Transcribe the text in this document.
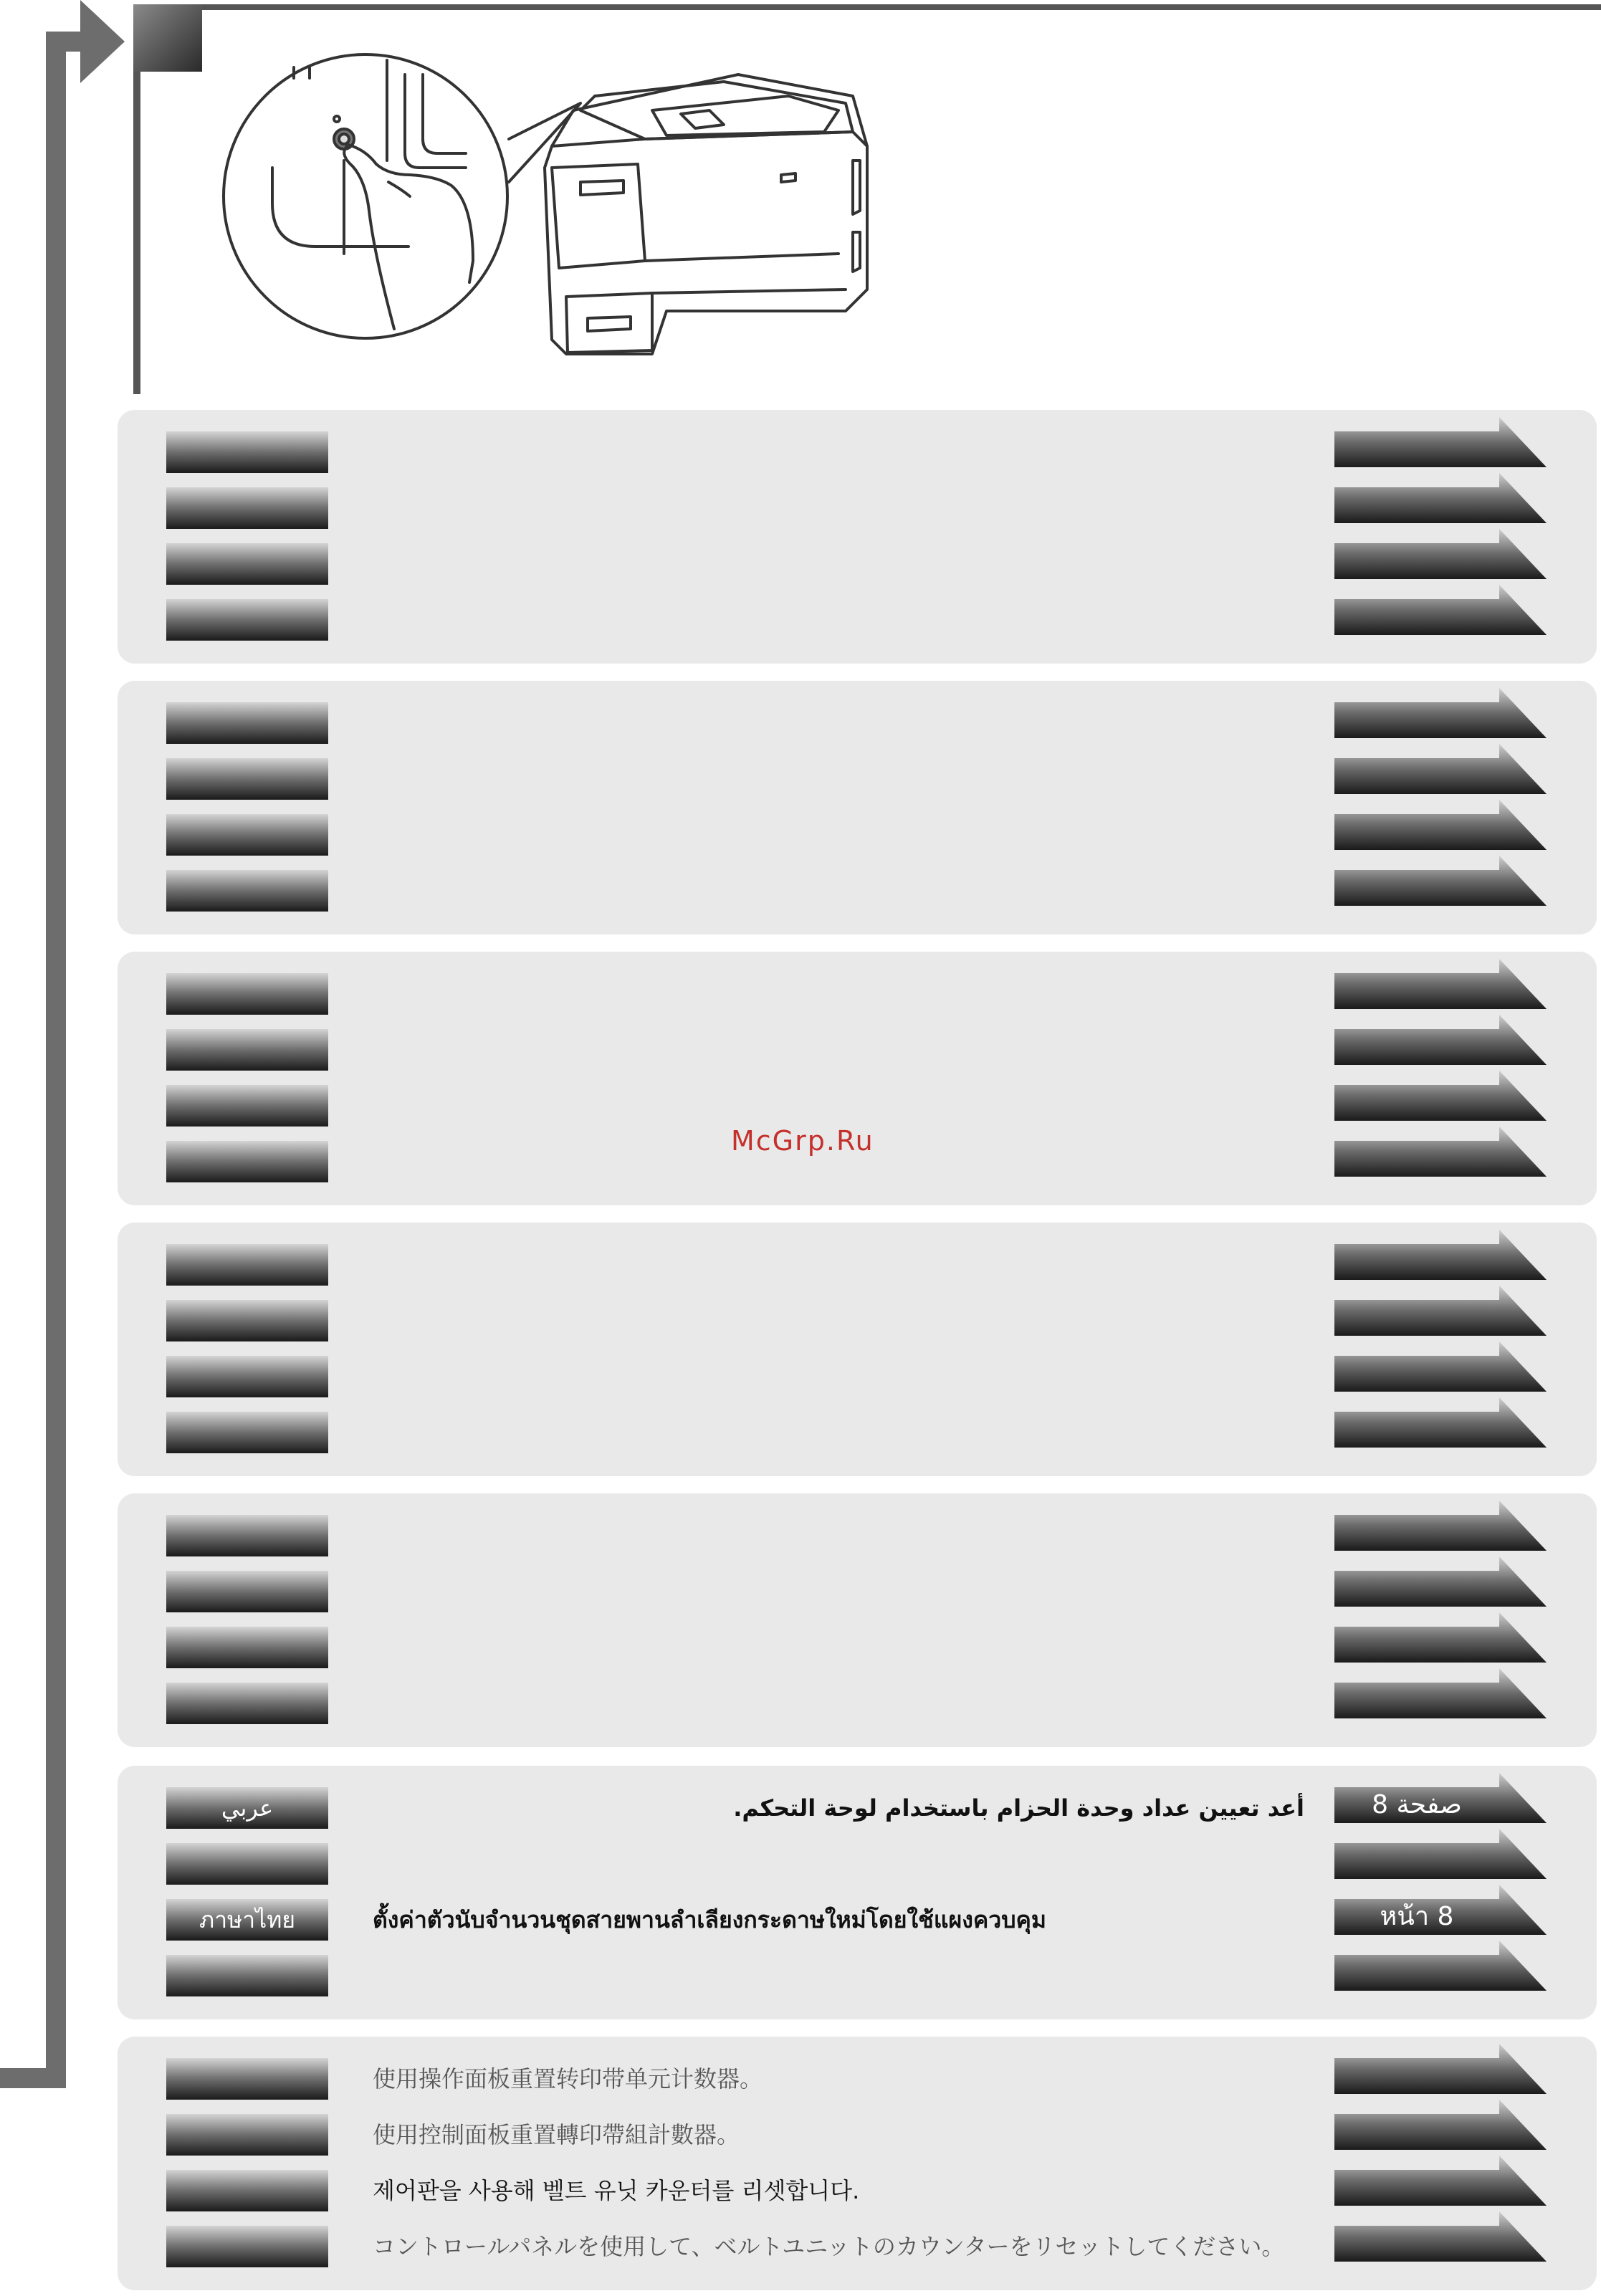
عربي	أعد تعيين عداد وحدة الحزام باستخدام لوحة التحكم.	صفحة 8
ภาษาไทย	ตั้งค่าตัวนับจำนวนชุดสายพานลำเลียงกระดาษใหม่โดยใช้แผงควบคุม	หน้า 8
使用操作面板重置转印带单元计数器。
使用控制面板重置轉印帶組計數器。
제어판을 사용해 벨트 유닛 카운터를 리셋합니다.
コントロールパネルを使用して、ベルトユニットのカウンターをリセットしてください。
McGrp.Ru
